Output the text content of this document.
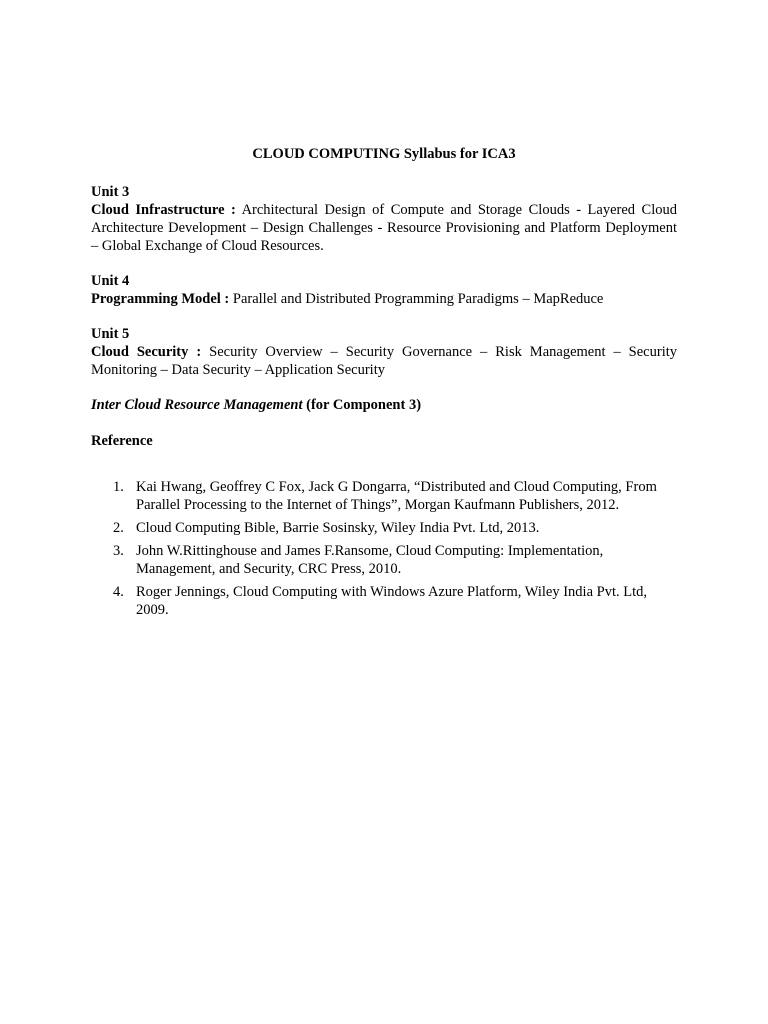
CLOUD COMPUTING Syllabus for ICA3

Unit 3

Cloud Infrastructure : Architectural Design of Compute and Storage Clouds - Layered Cloud Architecture Development – Design Challenges - Resource Provisioning and Platform Deployment – Global Exchange of Cloud Resources.

Unit 4

Programming Model : Parallel and Distributed Programming Paradigms – MapReduce

Unit 5

Cloud Security : Security Overview – Security Governance – Risk Management – Security Monitoring – Data Security – Application Security

Inter Cloud Resource Management (for Component 3)

Reference

1. Kai Hwang, Geoffrey C Fox, Jack G Dongarra, “Distributed and Cloud Computing, From Parallel Processing to the Internet of Things”, Morgan Kaufmann Publishers, 2012.
2. Cloud Computing Bible, Barrie Sosinsky, Wiley India Pvt. Ltd, 2013.
3. John W.Rittinghouse and James F.Ransome, Cloud Computing: Implementation, Management, and Security, CRC Press, 2010.
4. Roger Jennings, Cloud Computing with Windows Azure Platform, Wiley India Pvt. Ltd, 2009.
